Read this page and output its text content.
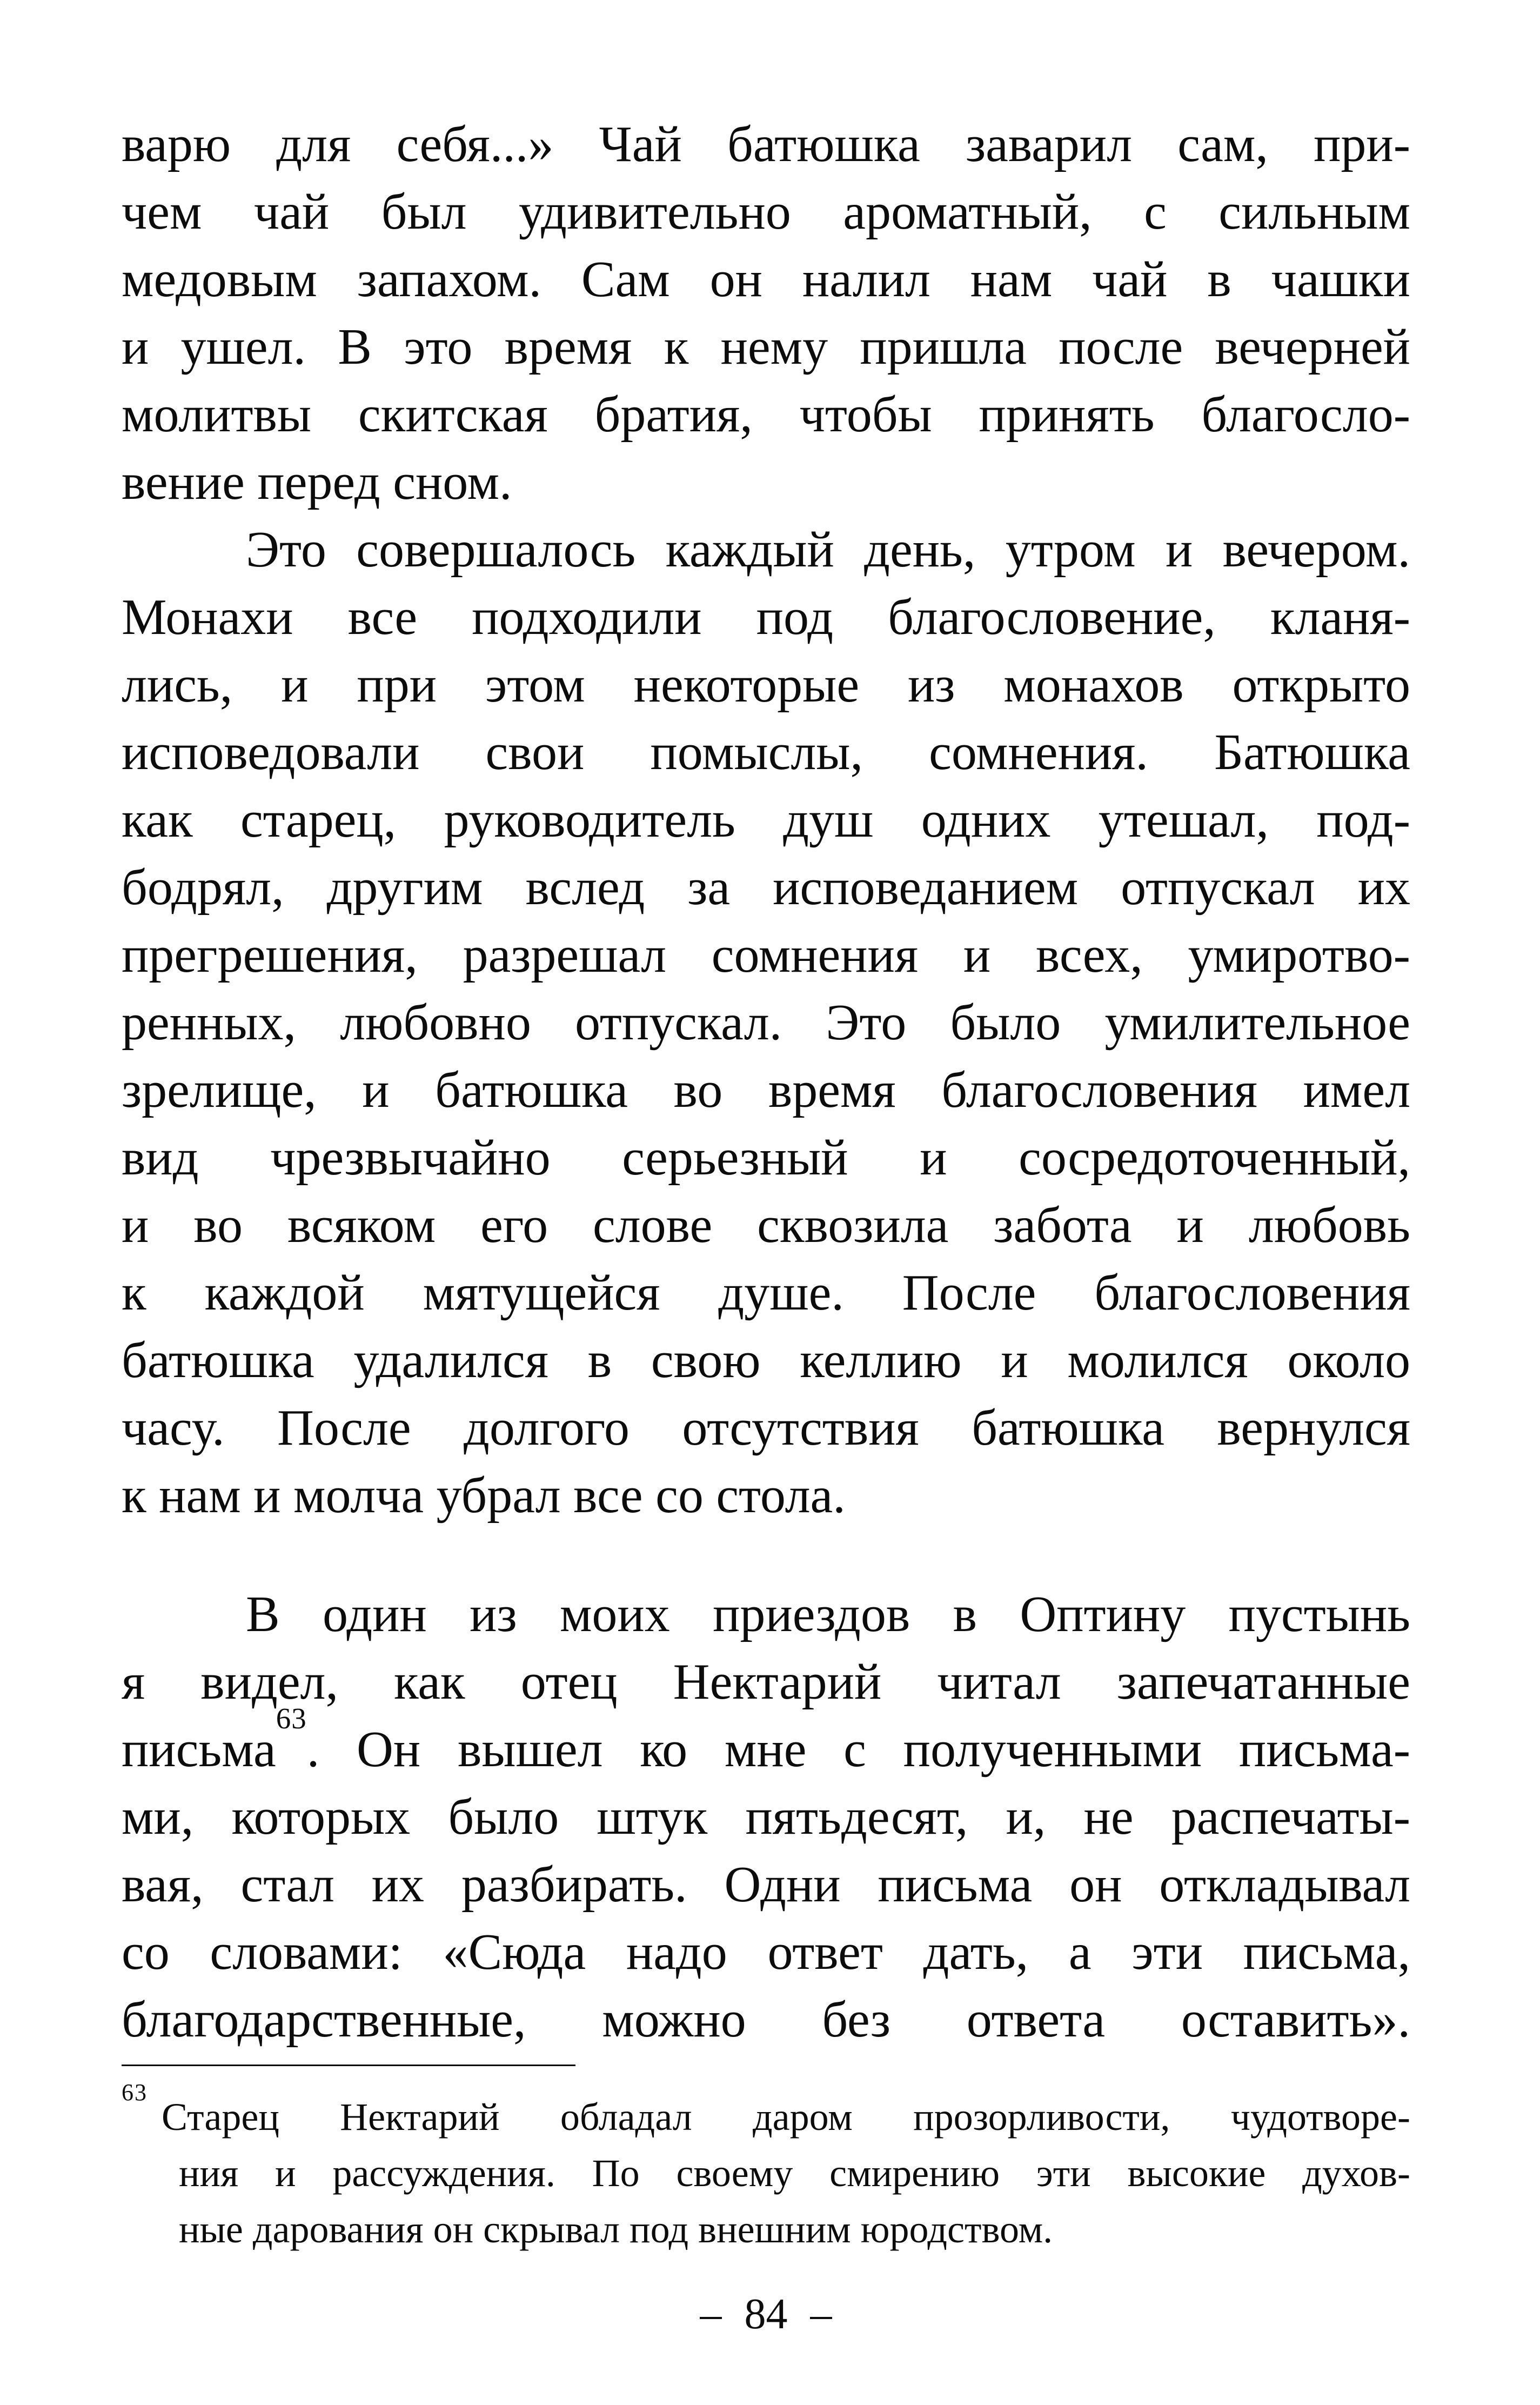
варю для себя...» Чай батюшка заварил сам, при-
чем чай был удивительно ароматный, с сильным
медовым запахом. Сам он налил нам чай в чашки
и ушел. В это время к нему пришла после вечерней
молитвы скитская братия, чтобы принять благосло-
вение перед сном.
Это совершалось каждый день, утром и вечером.
Монахи все подходили под благословение, кланя-
лись, и при этом некоторые из монахов открыто
исповедовали свои помыслы, сомнения. Батюшка
как старец, руководитель душ одних утешал, под-
бодрял, другим вслед за исповеданием отпускал их
прегрешения, разрешал сомнения и всех, умиротво-
ренных, любовно отпускал. Это было умилительное
зрелище, и батюшка во время благословения имел
вид чрезвычайно серьезный и сосредоточенный,
и во всяком его слове сквозила забота и любовь
к каждой мятущейся душе. После благословения
батюшка удалился в свою келлию и молился около
часу. После долгого отсутствия батюшка вернулся
к нам и молча убрал все со стола.
В один из моих приездов в Оптину пустынь
я видел, как отец Нектарий читал запечатанные
письма$^{63}$. Он вышел ко мне с полученными письма-
ми, которых было штук пятьдесят, и, не распечаты-
вая, стал их разбирать. Одни письма он откладывал
со словами: «Сюда надо ответ дать, а эти письма,
благодарственные, можно без ответа оставить».
$^{63}$Старец Нектарий обладал даром прозорливости, чудотворе-
ния и рассуждения. По своему смирению эти высокие духов-
ные дарования он скрывал под внешним юродством.
– 84 –
